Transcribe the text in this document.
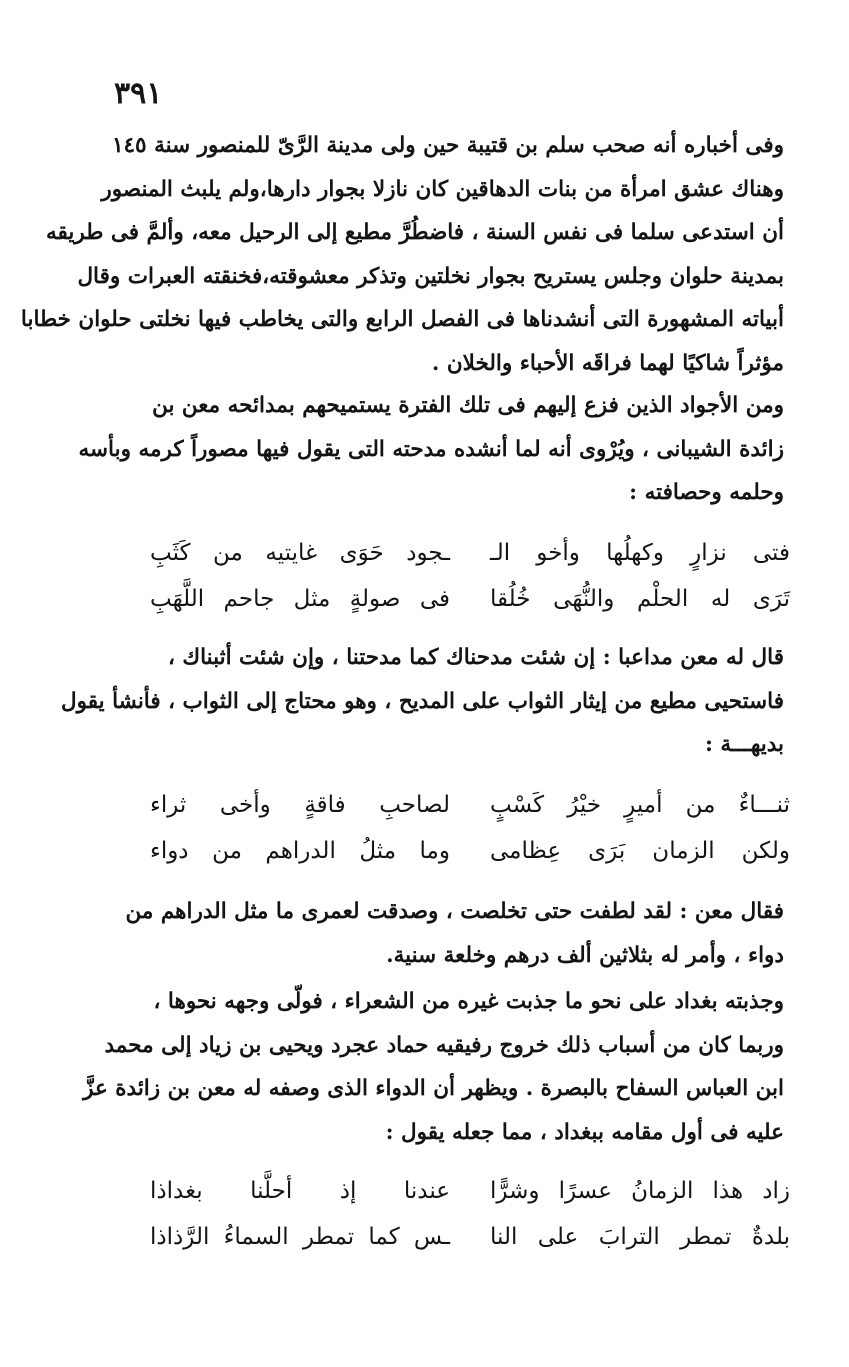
٣٩١
وفى أخباره أنه صحب سلم بن قتيبة حين ولى مدينة الرَّىّ للمنصور سنة ١٤٥
وهناك عشق امرأة من بنات الدهاقين كان نازلا بجوار دارها،ولم يلبث المنصور
أن استدعى سلما فى نفس السنة ، فاضطُرَّ مطيع إلى الرحيل معه، وألمَّ فى طريقه
بمدينة حلوان وجلس يستريح بجوار نخلتين وتذكر معشوقته،فخنقته العبرات وقال
أبياته المشهورة التى أنشدناها فى الفصل الرابع والتى يخاطب فيها نخلتى حلوان خطابا
مؤثراً شاكيًا لهما فراقَه الأحباء والخلان .
ومن الأجواد الذين فزع إليهم فى تلك الفترة يستميحهم بمدائحه معن بن
زائدة الشيبانى ، ويُرْوى أنه لما أنشده مدحته التى يقول فيها مصوراً كرمه وبأسه
وحلمه وحصافته :
فتى نزارٍ وكهلُها وأخو الـ
ـجود حَوَى غايتيه من كَثَبِ
تَرَى له الحلْم والنُّهَى خُلُقا
فى صولةٍ مثل جاحم اللَّهَبِ
قال له معن مداعبا : إن شئت مدحناك كما مدحتنا ، وإن شئت أثبناك ،
فاستحيى مطيع من إيثار الثواب على المديح ، وهو محتاج إلى الثواب ، فأنشأ يقول
بديهـــة :
ثنـــاءٌ من أميرٍ خيْرُ كَسْبٍ
لصاحبِ فاقةٍ وأخى ثراء
ولكن الزمان بَرَى عِظامى
وما مثلُ الدراهم من دواء
فقال معن : لقد لطفت حتى تخلصت ، وصدقت لعمرى ما مثل الدراهم من
دواء ، وأمر له بثلاثين ألف درهم وخلعة سنية.
وجذبته بغداد على نحو ما جذبت غيره من الشعراء ، فولّى وجهه نحوها ،
وربما كان من أسباب ذلك خروج رفيقيه حماد عجرد ويحيى بن زياد إلى محمد
ابن العباس السفاح بالبصرة . ويظهر أن الدواء الذى وصفه له معن بن زائدة عزَّ
عليه فى أول مقامه ببغداد ، مما جعله يقول :
زاد هذا الزمانُ عسرًا وشرًّا
عندنا إذ أحلَّنا بغداذا
بلدةٌ تمطر الترابَ على النا
ـس كما تمطر السماءُ الرَّذاذا
